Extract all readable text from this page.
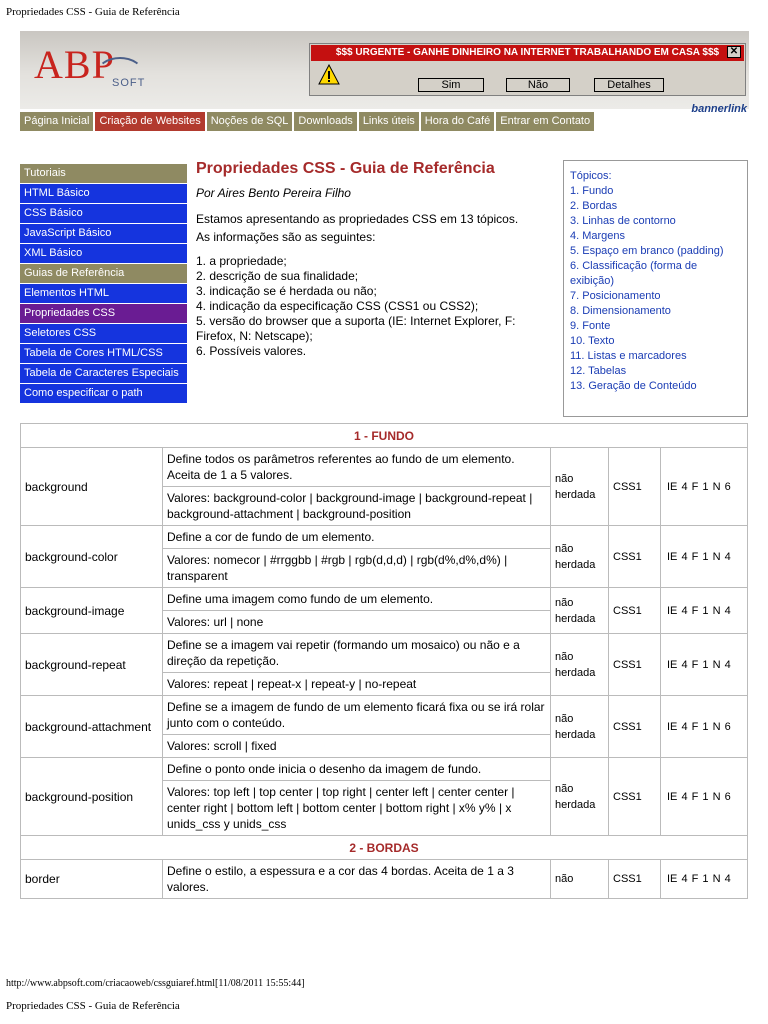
Propriedades CSS - Guia de Referência
ABP
SOFT
$$$ URGENTE - GANHE DINHEIRO NA INTERNET TRABALHANDO EM CASA $$$	✕
Sim	Não	Detalhes
bannerlink
Página Inicial Criação de Websites Noções de SQL Downloads Links úteis Hora do Café Entrar em Contato
Tutoriais
HTML Básico
CSS Básico
JavaScript Básico
XML Básico
Guias de Referência
Elementos HTML
Propriedades CSS
Seletores CSS
Tabela de Cores HTML/CSS
Tabela de Caracteres Especiais
Como especificar o path
Propriedades CSS - Guia de Referência
Por Aires Bento Pereira Filho
Estamos apresentando as propriedades CSS em 13 tópicos.
As informações são as seguintes:
1. a propriedade;
2. descrição de sua finalidade;
3. indicação se é herdada ou não;
4. indicação da especificação CSS (CSS1 ou CSS2);
5. versão do browser que a suporta (IE: Internet Explorer, F: Firefox, N: Netscape);
6. Possíveis valores.
Tópicos:
1. Fundo
2. Bordas
3. Linhas de contorno
4. Margens
5. Espaço em branco (padding)
6. Classificação (forma de exibição)
7. Posicionamento
8. Dimensionamento
9. Fonte
10. Texto
11. Listas e marcadores
12. Tabelas
13. Geração de Conteúdo
1 - FUNDO				
background	Define todos os parâmetros referentes ao fundo de um elemento. Aceita de 1 a 5 valores.	não herdada	CSS1	IE 4 F 1 N 6
	Valores: background-color | background-image | background-repeat | background-attachment | background-position			
background-color	Define a cor de fundo de um elemento.	não herdada	CSS1	IE 4 F 1 N 4
	Valores: nomecor | #rrggbb | #rgb | rgb(d,d,d) | rgb(d%,d%,d%) | transparent			
background-image	Define uma imagem como fundo de um elemento.	não herdada	CSS1	IE 4 F 1 N 4
	Valores: url | none			
background-repeat	Define se a imagem vai repetir (formando um mosaico) ou não e a direção da repetição.	não herdada	CSS1	IE 4 F 1 N 4
	Valores: repeat | repeat-x | repeat-y | no-repeat			
background-attachment	Define se a imagem de fundo de um elemento ficará fixa ou se irá rolar junto com o conteúdo.	não herdada	CSS1	IE 4 F 1 N 6
	Valores: scroll | fixed			
background-position	Define o ponto onde inicia o desenho da imagem de fundo.	não herdada	CSS1	IE 4 F 1 N 6
	Valores: top left | top center | top right | center left | center center | center right | bottom left | bottom center | bottom right | x% y% | x unids_css y unids_css			
2 - BORDAS				
border	Define o estilo, a espessura e a cor das 4 bordas. Aceita de 1 a 3 valores.	não	CSS1	IE 4 F 1 N 4
http://www.abpsoft.com/criacaoweb/cssguiaref.html[11/08/2011 15:55:44]
Propriedades CSS - Guia de Referência
